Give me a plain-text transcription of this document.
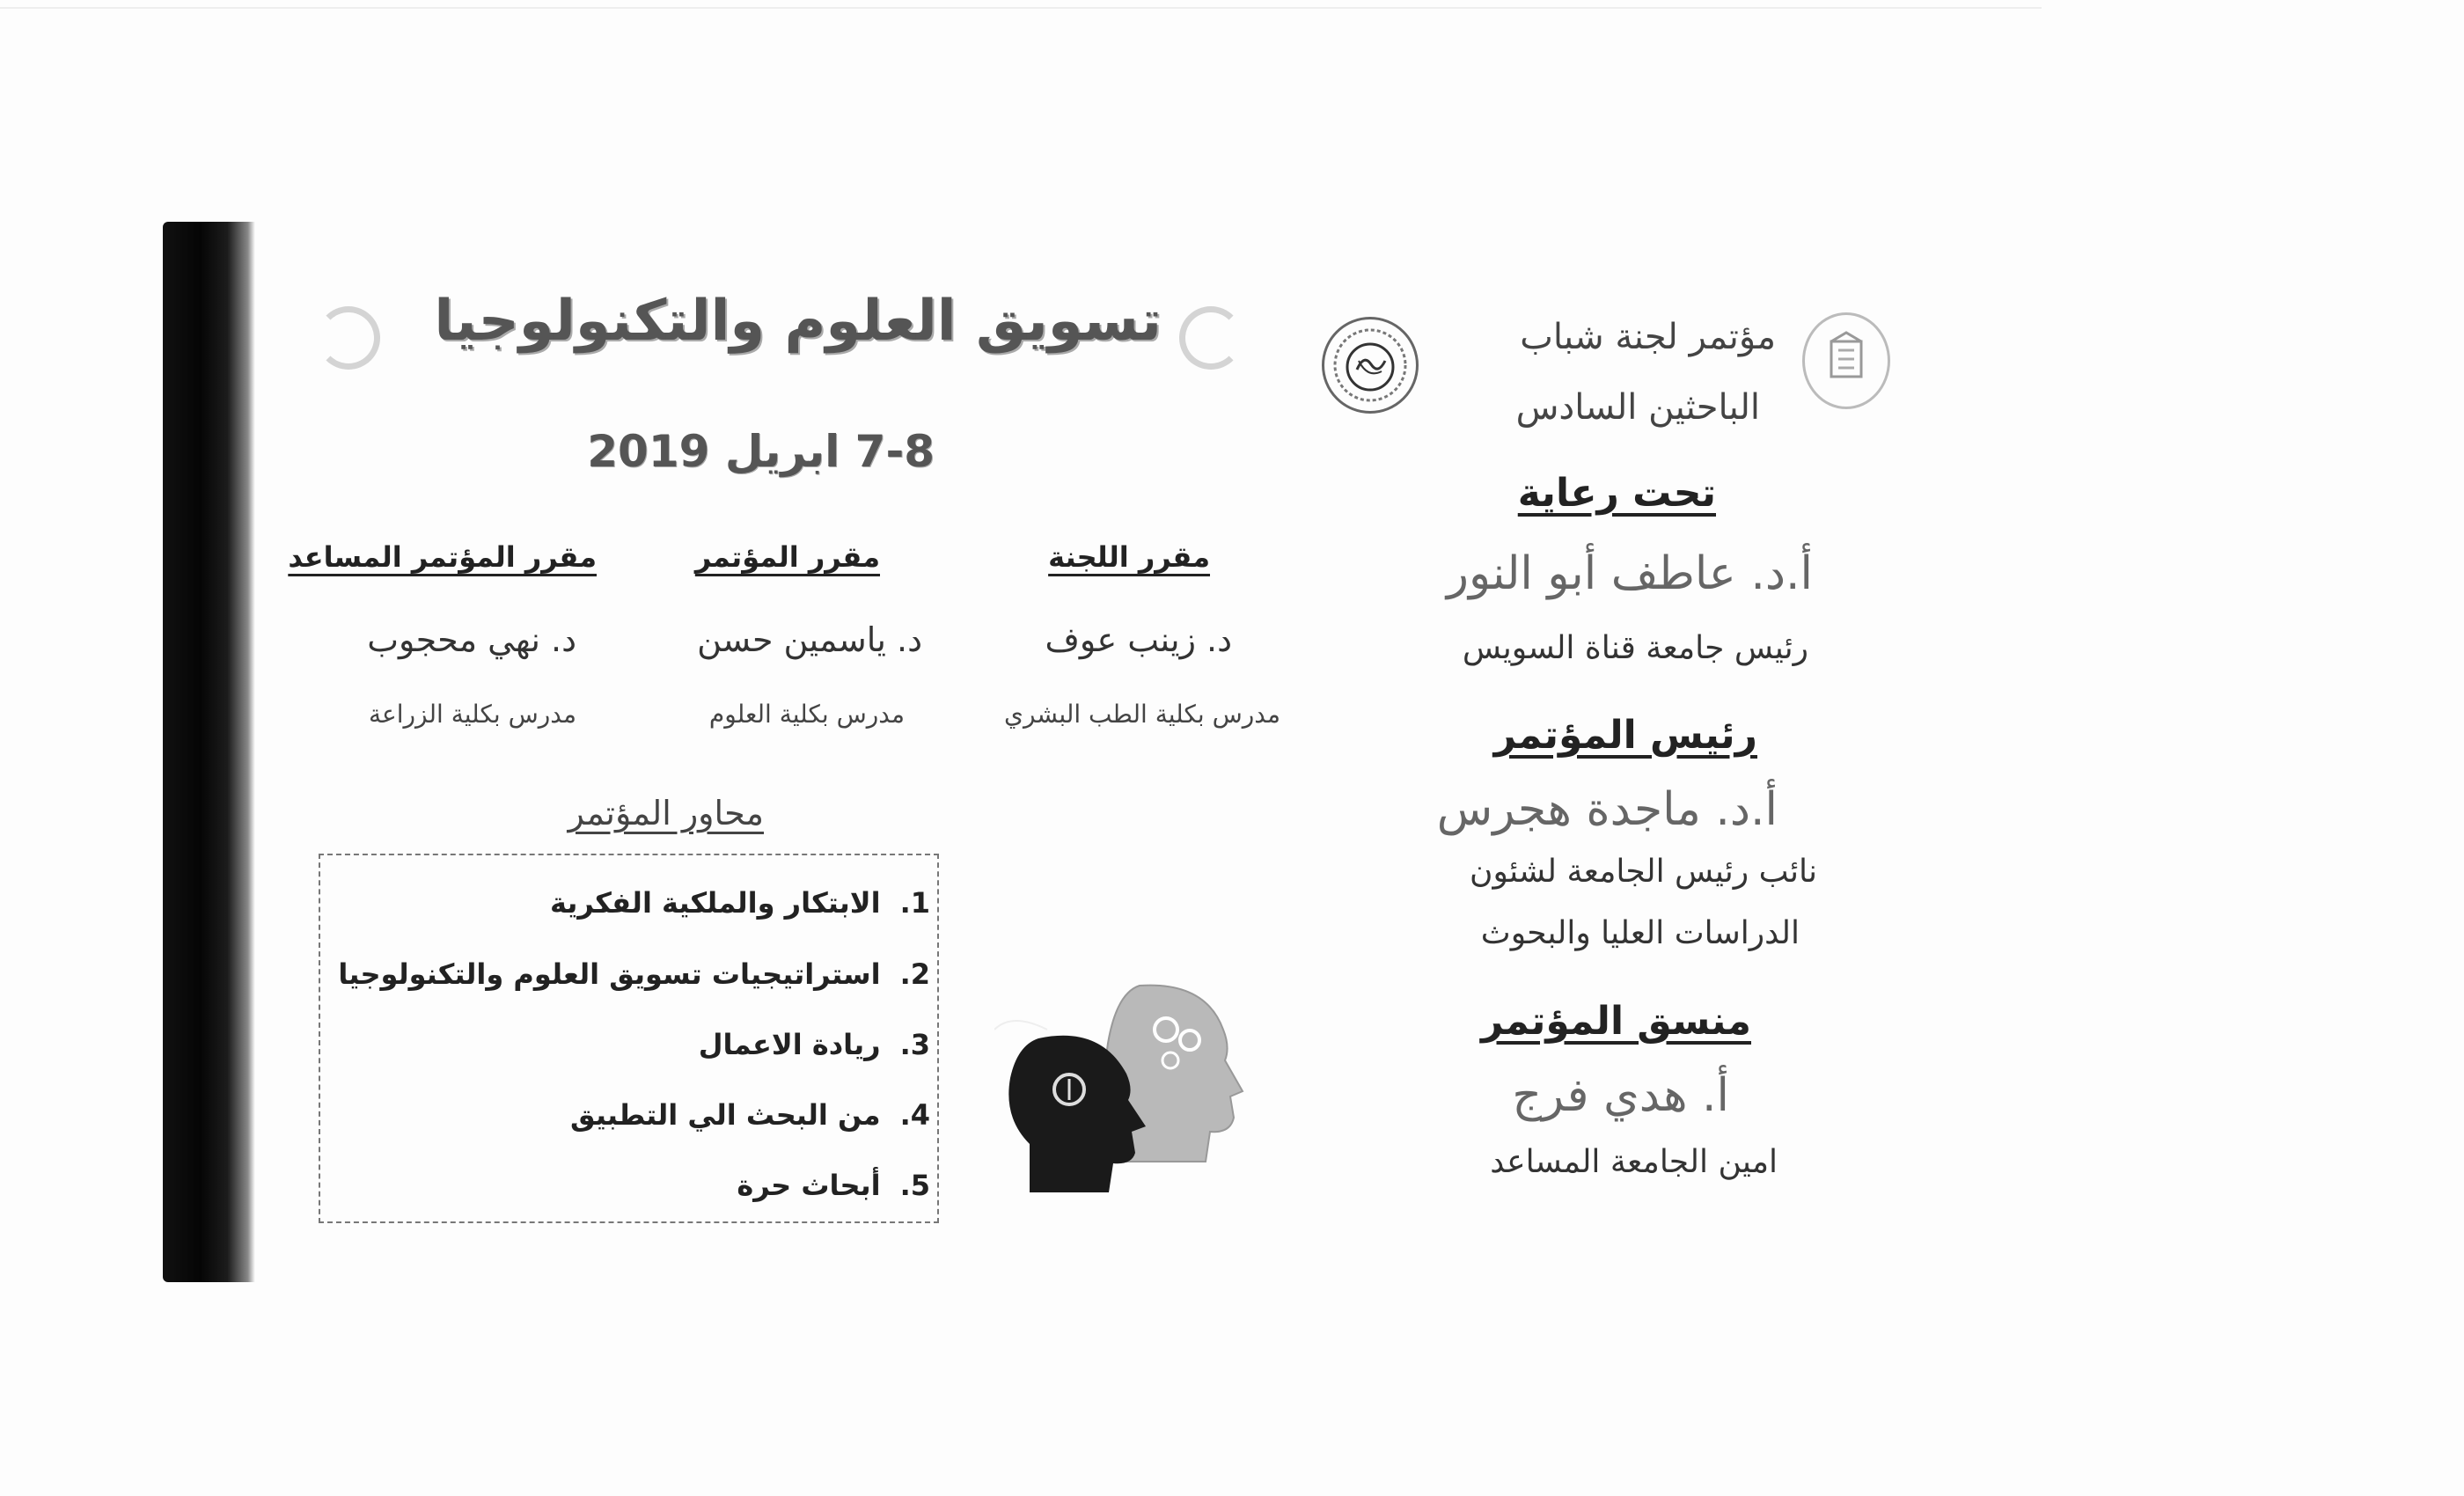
تسويق العلوم والتكنولوجيا
7-8 ابريل 2019
مؤتمر لجنة شباب
الباحثين السادس
تحت رعاية
أ.د. عاطف أبو النور
رئيس جامعة قناة السويس
رئيس المؤتمر
أ.د. ماجدة هجرس
نائب رئيس الجامعة لشئون
الدراسات العليا والبحوث
منسق المؤتمر
أ. هدي فرج
امين الجامعة المساعد
مقرر اللجنة
د. زينب عوف
مدرس بكلية الطب البشري
مقرر المؤتمر
د. ياسمين حسن
مدرس بكلية العلوم
مقرر المؤتمر المساعد
د. نهي محجوب
مدرس بكلية الزراعة
محاور المؤتمر
1.الابتكار والملكية الفكرية
2.استراتيجيات تسويق العلوم والتكنولوجيا
3.ريادة الاعمال
4.من البحث الي التطبيق
5.أبحاث حرة
